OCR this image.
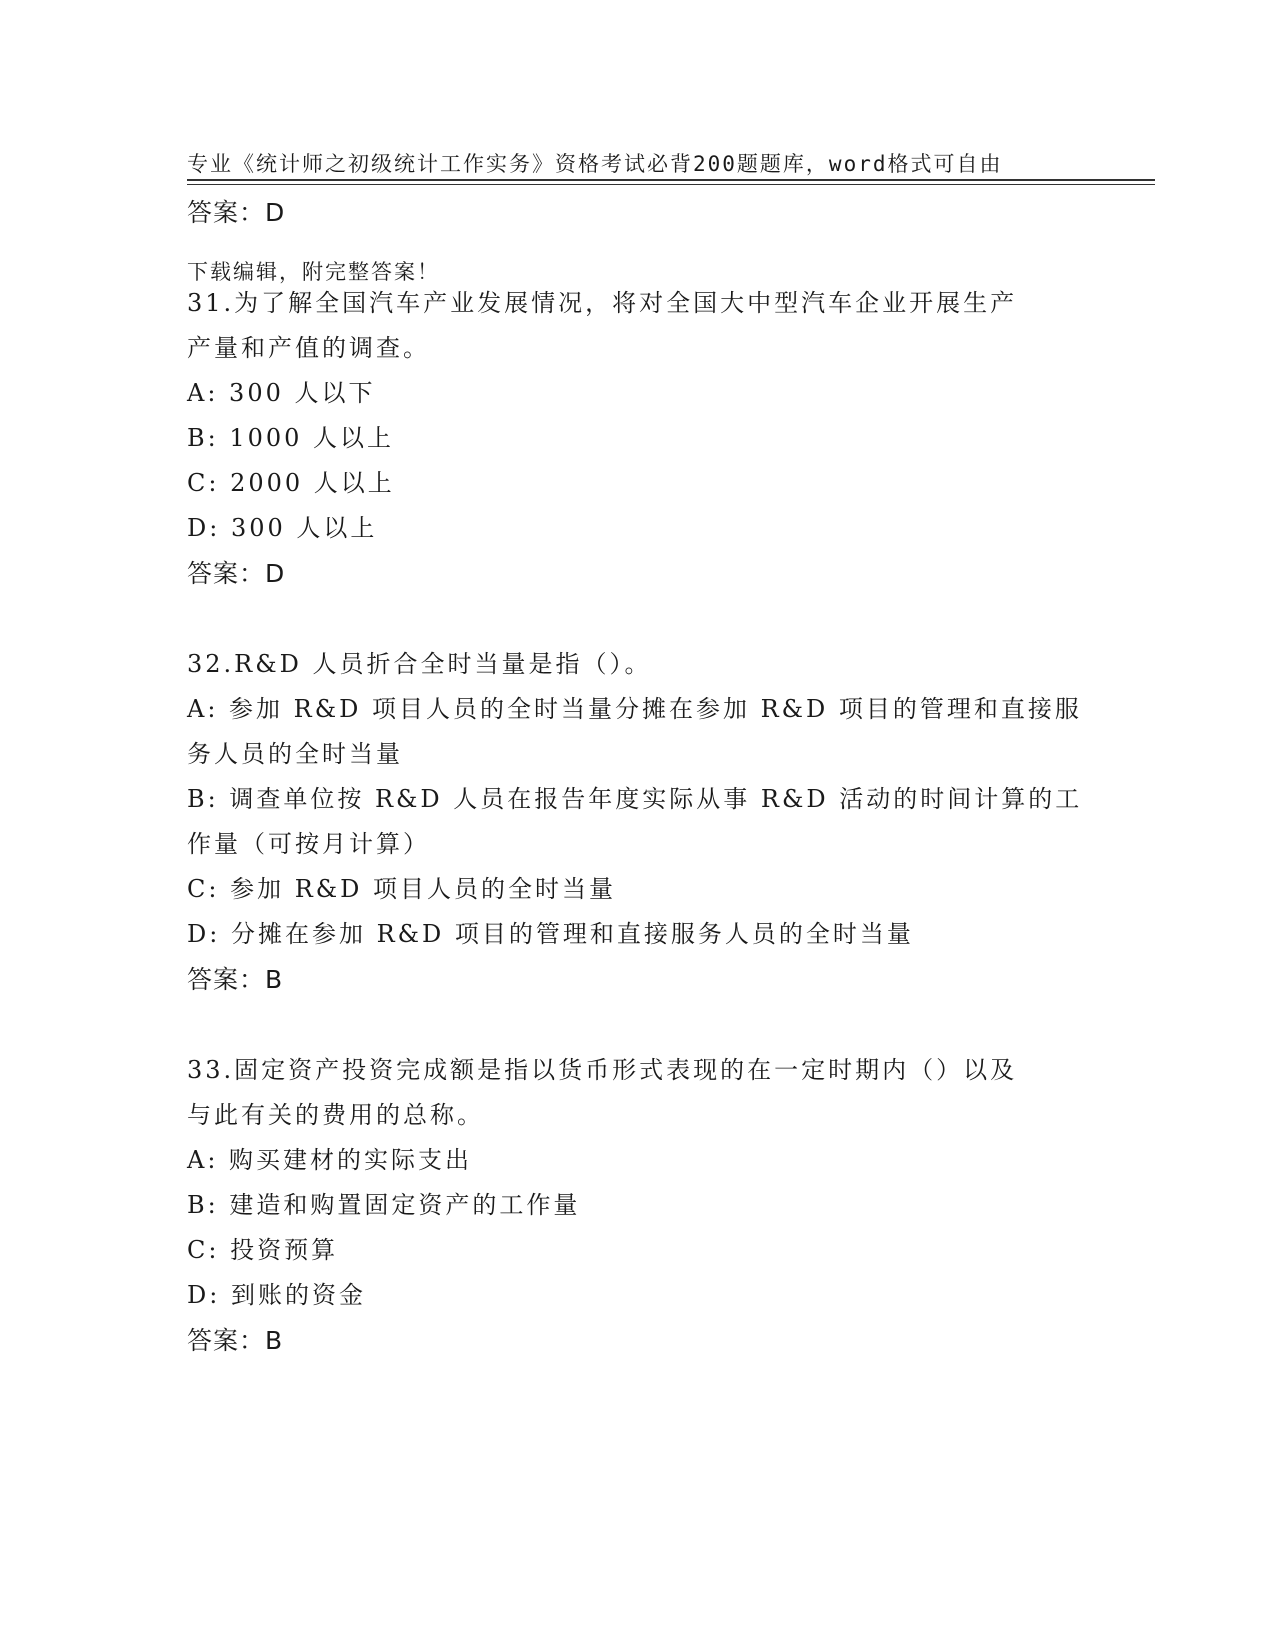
专业《统计师之初级统计工作实务》资格考试必背200题题库，word格式可自由

下载编辑，附完整答案！

答案：D
31.为了解全国汽车产业发展情况，将对全国大中型汽车企业开展生产
产量和产值的调查。
A: 300 人以下
B: 1000 人以上
C: 2000 人以上
D: 300 人以上
答案：D
32.R&D 人员折合全时当量是指（）。
A: 参加 R&D 项目人员的全时当量分摊在参加 R&D 项目的管理和直接服
务人员的全时当量
B: 调查单位按 R&D 人员在报告年度实际从事 R&D 活动的时间计算的工
作量（可按月计算）
C: 参加 R&D 项目人员的全时当量
D: 分摊在参加 R&D 项目的管理和直接服务人员的全时当量
答案：B
33.固定资产投资完成额是指以货币形式表现的在一定时期内（）以及
与此有关的费用的总称。
A: 购买建材的实际支出
B: 建造和购置固定资产的工作量
C: 投资预算
D: 到账的资金
答案：B
